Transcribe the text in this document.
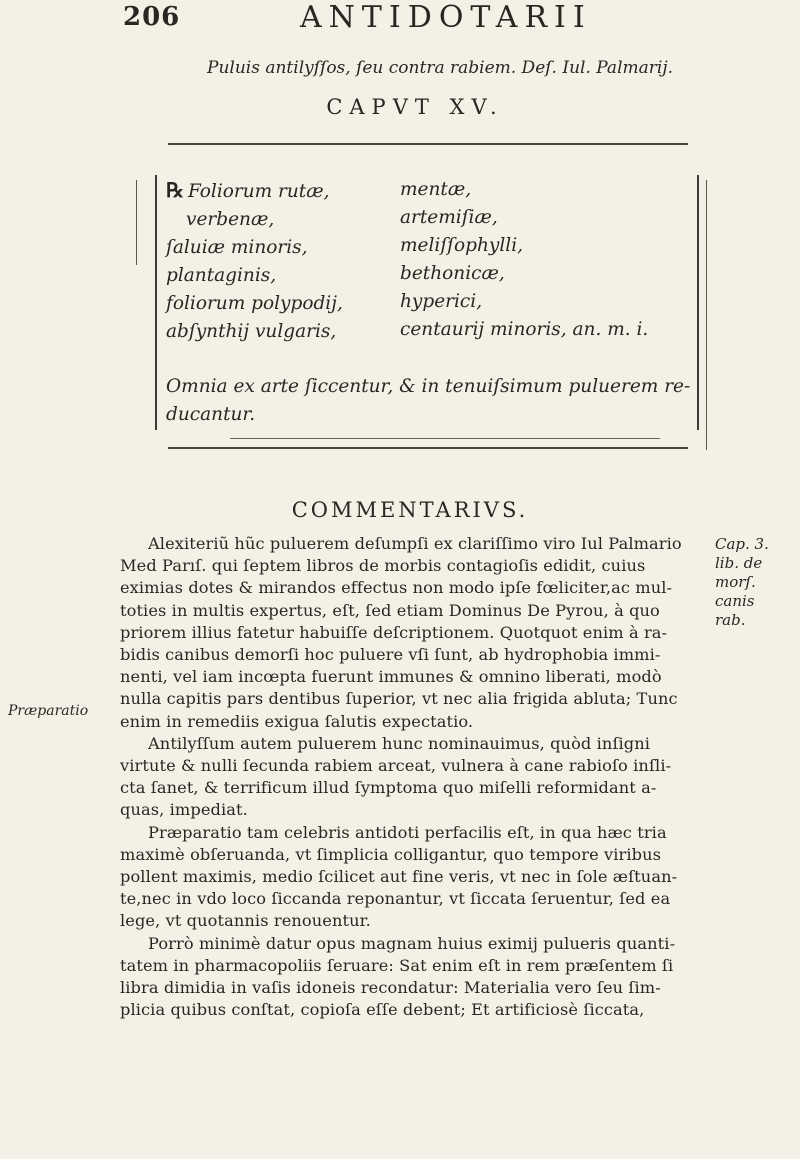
206	ANTIDOTARII
Puluis antilyſſos, ſeu contra rabiem. Deſ. Iul. Palmarij.
CAPVT XV.
℞ Foliorum rutæ,
verbenæ,
ſaluiæ minoris,
plantaginis,
foliorum polypodij,
abſynthij vulgaris,
mentæ,
artemiſiæ,
meliſſophylli,
bethonicæ,
hyperici,
centaurij minoris, an. m. i.
Omnia ex arte ſiccentur, & in tenuiſsimum puluerem re-
ducantur.
COMMENTARIVS.
Alexiteriũ hũc puluerem deſumpſi ex clariſſimo viro Iul Palmario
Med Parıſ. qui ſeptem libros de morbis contagioſis edidit, cuius
eximias dotes & mirandos effectus non modo ipſe fœliciter,ac mul-
toties in multis expertus, eſt, ſed etiam Dominus De Pyrou, à quo
priorem illius fatetur habuiſſe deſcriptionem. Quotquot enim à ra-
bidis canibus demorſi hoc puluere vſi ſunt, ab hydrophobia immi-
nenti, vel iam incœpta fuerunt immunes & omnino liberati, modò
nulla capitis pars dentibus ſuperior, vt nec alia frigida abluta; Tunc
enim in remediis exigua ſalutis expectatio.
Antilyſſum autem puluerem hunc nominauimus, quòd inſigni
virtute & nulli ſecunda rabiem arceat, vulnera à cane rabioſo inſli-
cta ſanet, & terrificum illud ſymptoma quo miſelli reformidant a-
quas, impediat.
Præparatio tam celebris antidoti perfacilis eſt, in qua hæc tria
maximè obſeruanda, vt ſimplicia colligantur, quo tempore viribus
pollent maximis, medio ſcilicet aut fine veris, vt nec in ſole æſtuan-
te,nec in vdo loco ſiccanda reponantur, vt ſiccata ſeruentur, ſed ea
lege, vt quotannis renouentur.
Porrò minimè datur opus magnam huius eximij pulueris quanti-
tatem in pharmacopoliis ſeruare: Sat enim eſt in rem præſentem ſi
libra dimidia in vaſis idoneis recondatur: Materialia vero ſeu ſim-
plicia quibus conſtat, copioſa eſſe debent; Et artificiosè ſiccata,
Cap. 3.
lib. de
morſ.
canis
rab.
Præparatio
